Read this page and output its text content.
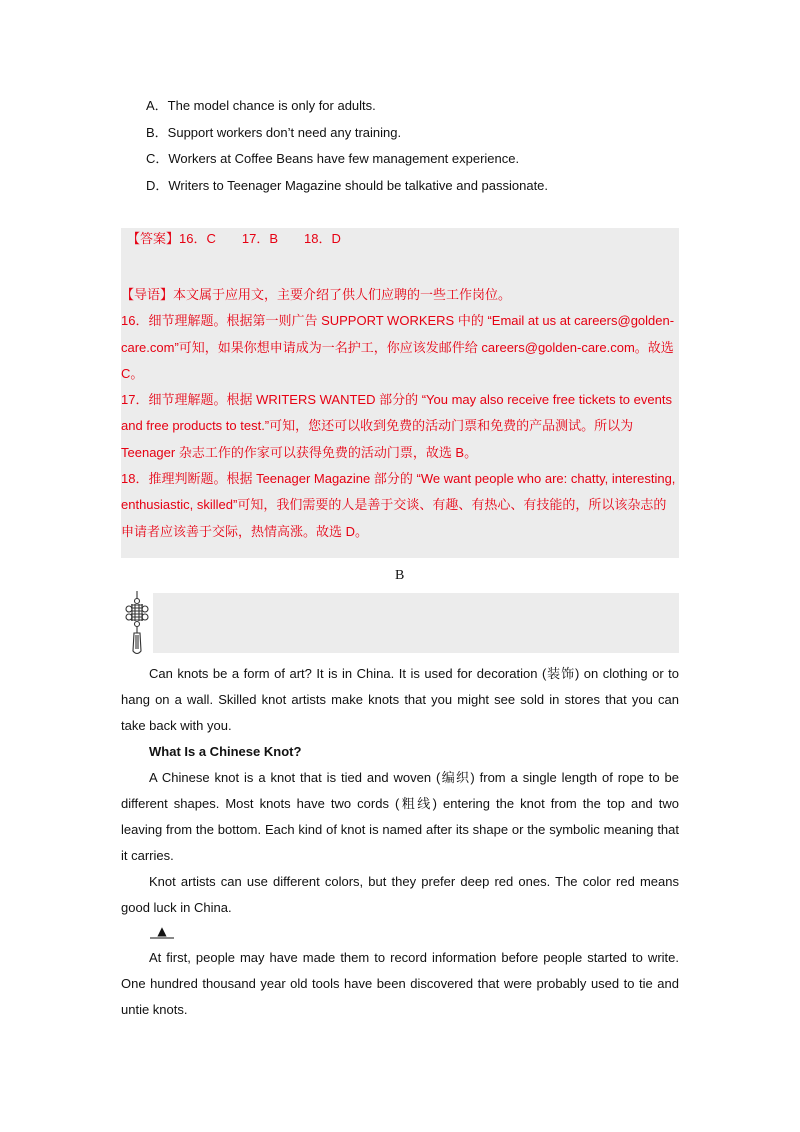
A．The model chance is only for adults.
B．Support workers don’t need any training.
C．Workers at Coffee Beans have few management experience.
D．Writers to Teenager Magazine should be talkative and passionate.
【答案】16．C　　17．B　　18．D

【导语】本文属于应用文，主要介绍了供人们应聘的一些工作岗位。

16．细节理解题。根据第一则广告 SUPPORT WORKERS 中的 “Email at us at careers@golden-care.com”可知，如果你想申请成为一名护工，你应该发邮件给 careers@golden-care.com。故选 C。

17．细节理解题。根据 WRITERS WANTED 部分的 “You may also receive free tickets to events and free products to test.”可知，您还可以收到免费的活动门票和免费的产品测试。所以为 Teenager 杂志工作的作家可以获得免费的活动门票，故选 B。

18．推理判断题。根据 Teenager Magazine 部分的 “We want people who are: chatty, interesting, enthusiastic, skilled”可知，我们需要的人是善于交谈、有趣、有热心、有技能的，所以该杂志的申请者应该善于交际，热情高涨。故选 D。

B

Can knots be a form of art? It is in China. It is used for decoration (装饰) on clothing or to hang on a wall. Skilled knot artists make knots that you might see sold in stores that you can take back with you.

What Is a Chinese Knot?

A Chinese knot is a knot that is tied and woven (编织) from a single length of rope to be different shapes. Most knots have two cords (粗线) entering the knot from the top and two leaving from the bottom. Each kind of knot is named after its shape or the symbolic meaning that it carries.

Knot artists can use different colors, but they prefer deep red ones. The color red means good luck in China.

▲

At first, people may have made them to record information before people started to write. One hundred thousand year old tools have been discovered that were probably used to tie and untie knots.
